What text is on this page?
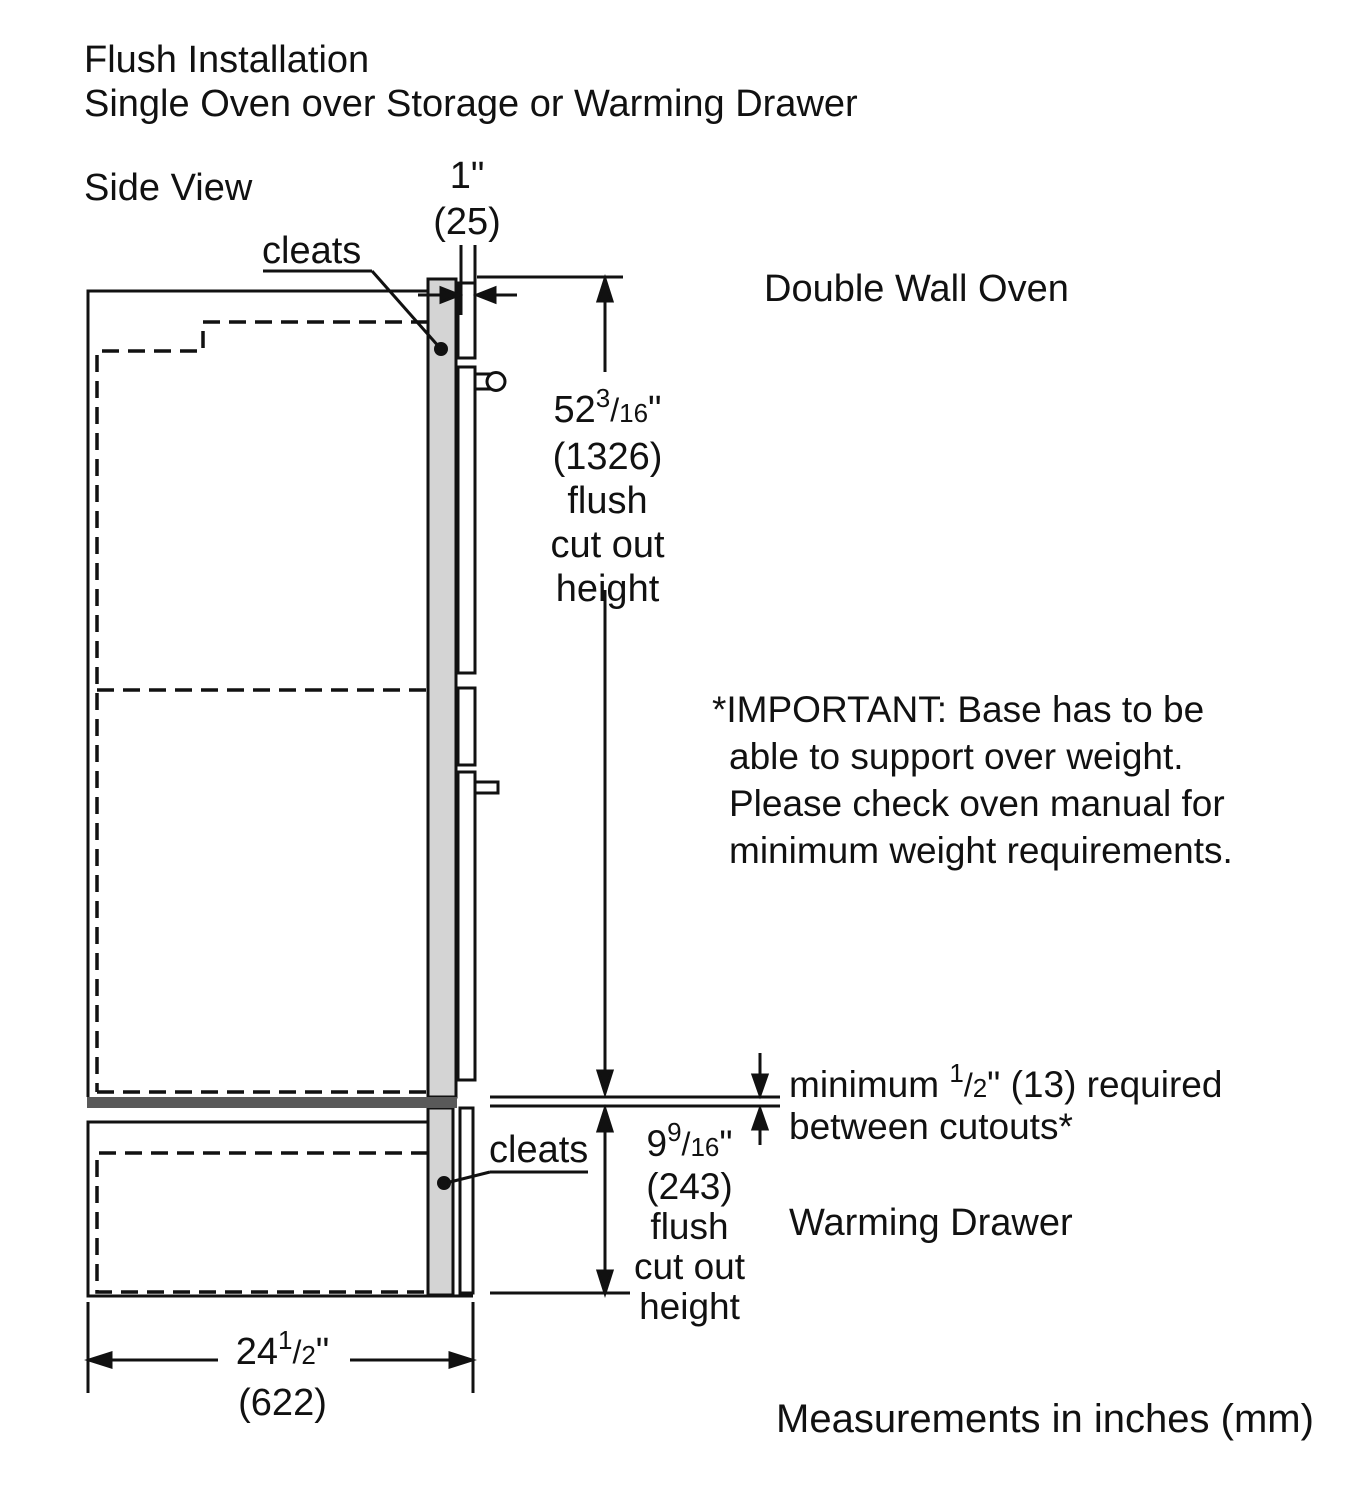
Flush Installation
Single Oven over Storage or Warming Drawer
Side View	1"
(25)
cleats
Double Wall Oven
$52^3/16$"
(1326)
flush
cut out
height
*IMPORTANT: Base has to be
able to support over weight.
Please check oven manual for
minimum weight requirements.
minimum $^1$/2" (13) required
between cutouts*
cleats	$9^9/16$"
(243)
flush
cut out
height
Warming Drawer
$24^1/2$"
(622)	Measurements in inches (mm)
